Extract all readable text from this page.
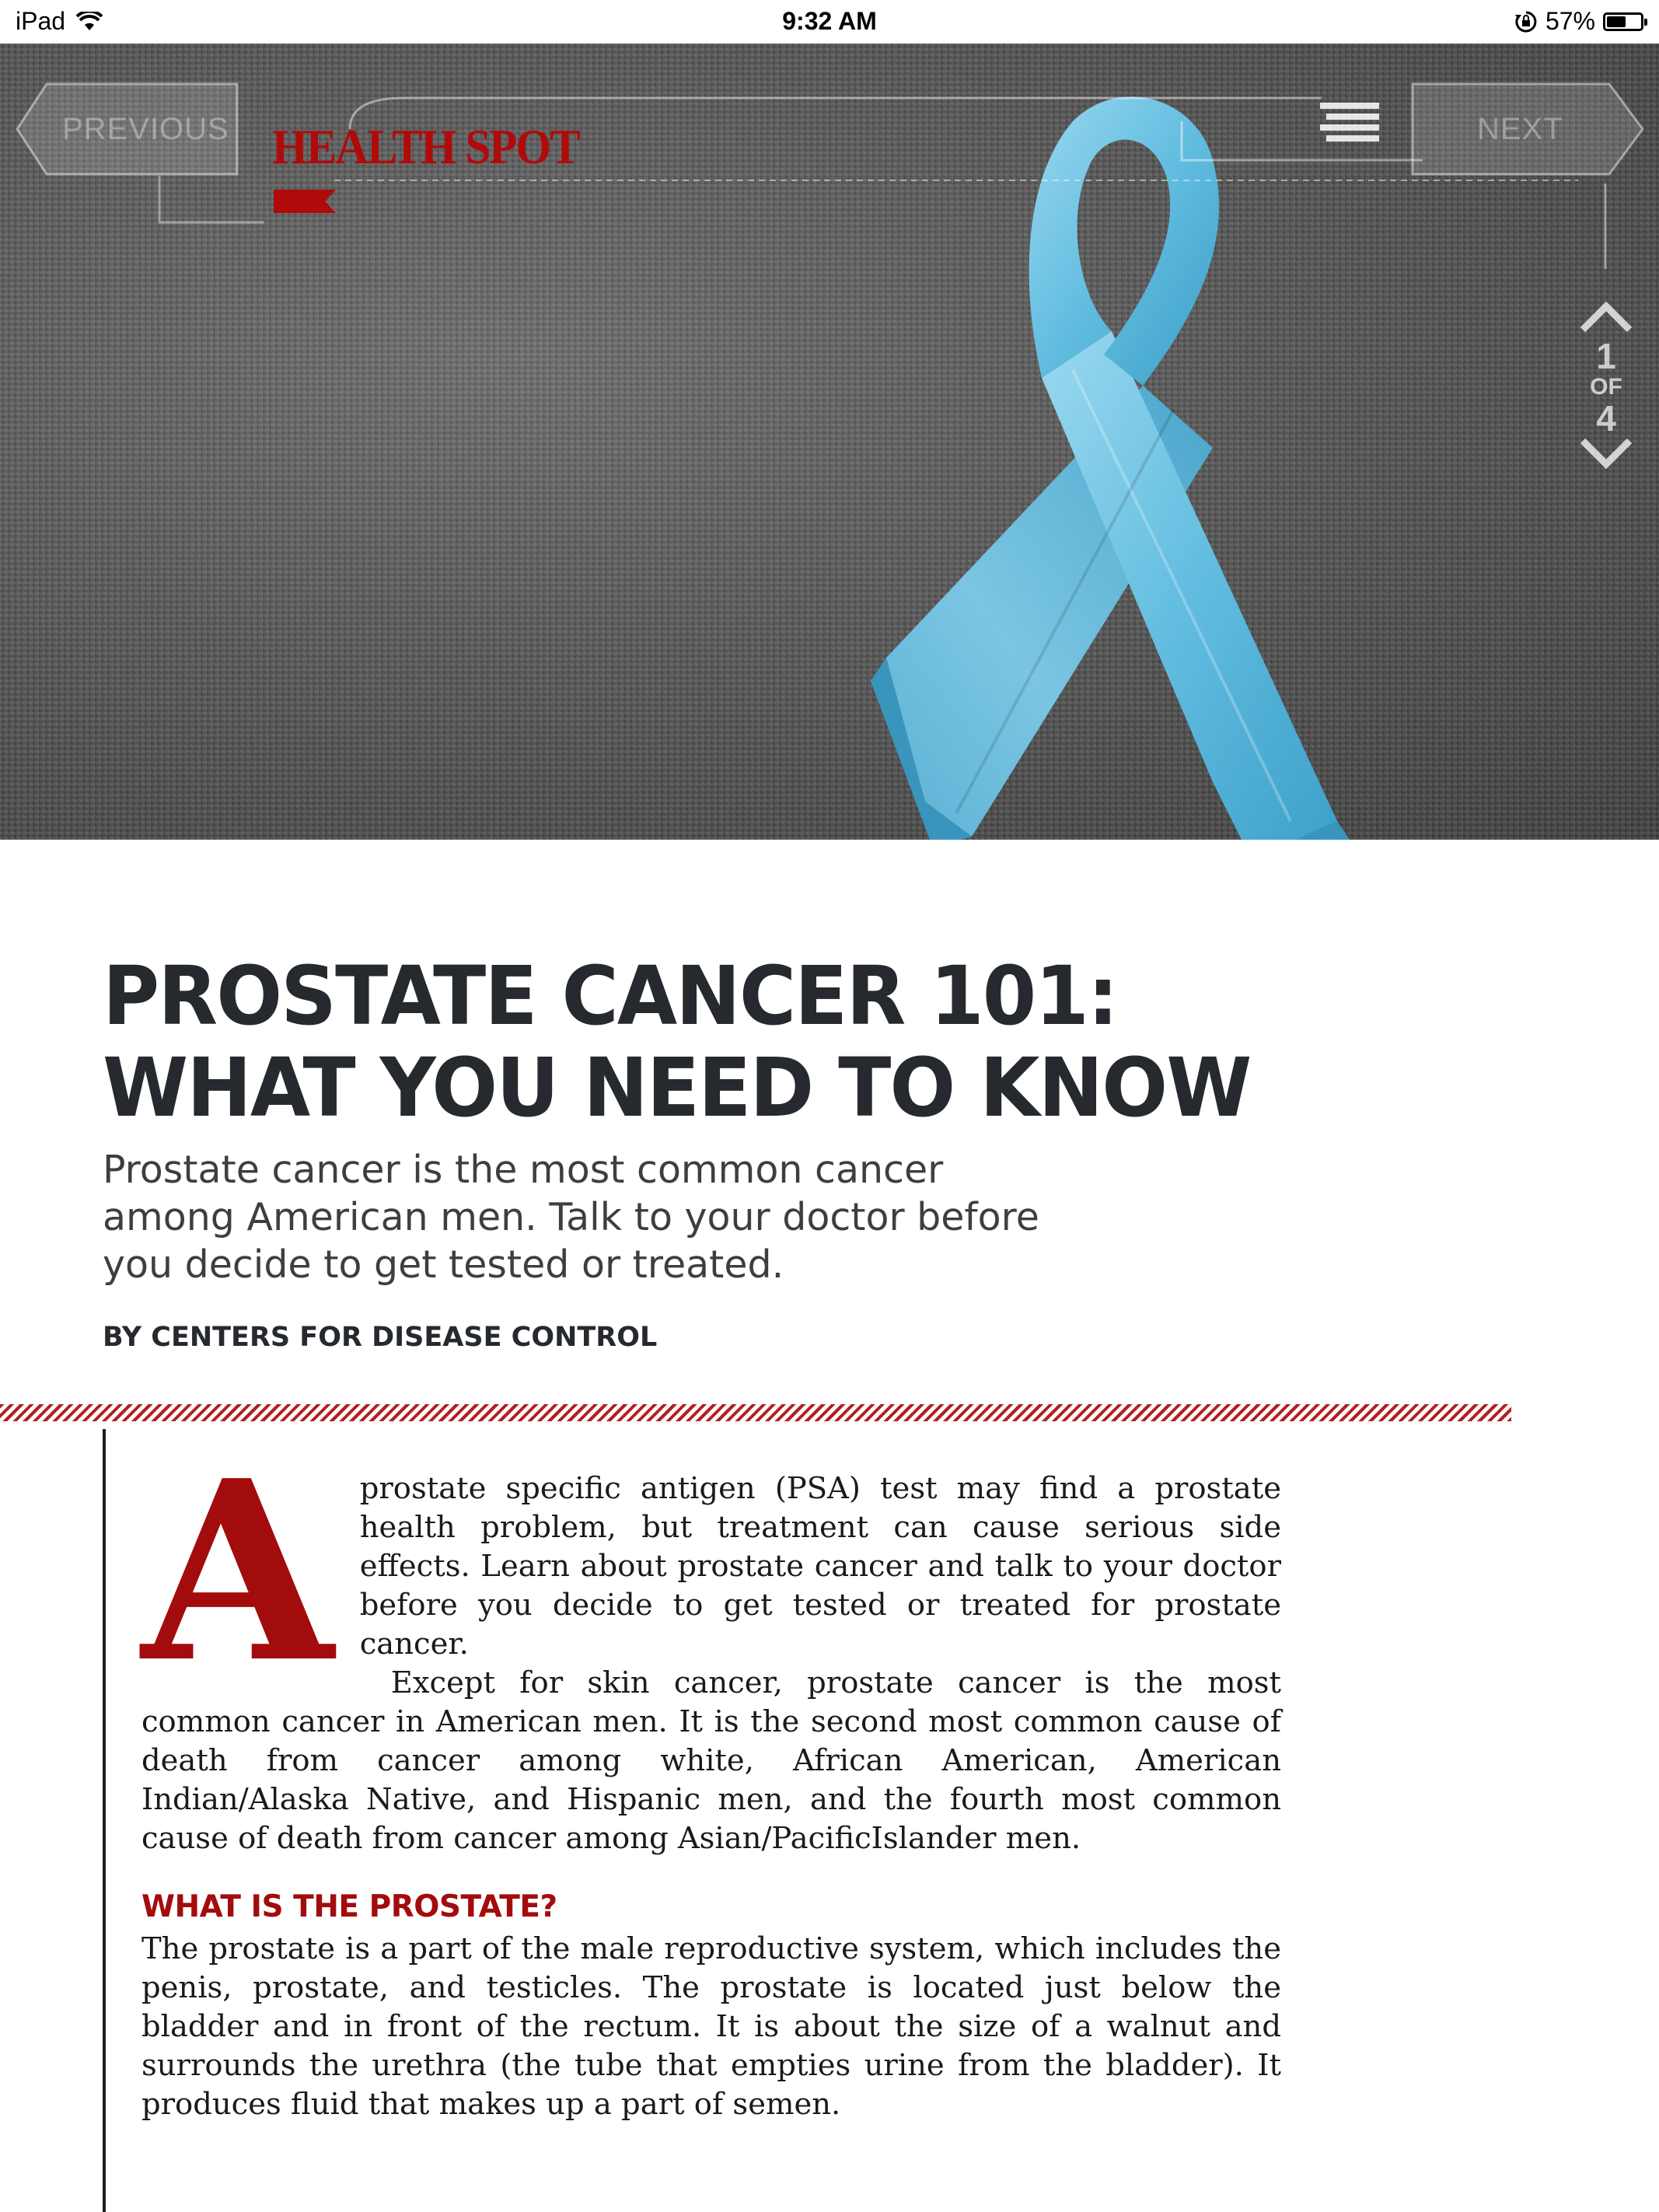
iPad	9:32 AM	57%
PREVIOUS HEALTH SPOT	NEXT
1
OF
4
PROSTATE CANCER 101:
WHAT YOU NEED TO KNOW
Prostate cancer is the most common cancer among American men. Talk to your doctor before you decide to get tested or treated.
BY CENTERS FOR DISEASE CONTROL
A prostate specific antigen (PSA) test may find a prostate health problem, but treatment can cause serious side effects. Learn about prostate cancer and talk to your doctor before you decide to get tested or treated for prostate cancer.

Except for skin cancer, prostate cancer is the most common cancer in American men. It is the second most common cause of death from cancer among white, African American, American Indian/Alaska Native, and Hispanic men, and the fourth most common cause of death from cancer among Asian/PacificIslander men.

WHAT IS THE PROSTATE?

The prostate is a part of the male reproductive system, which includes the penis, prostate, and testicles. The prostate is located just below the bladder and in front of the rectum. It is about the size of a walnut and surrounds the urethra (the tube that empties urine from the bladder). It produces fluid that makes up a part of semen.
